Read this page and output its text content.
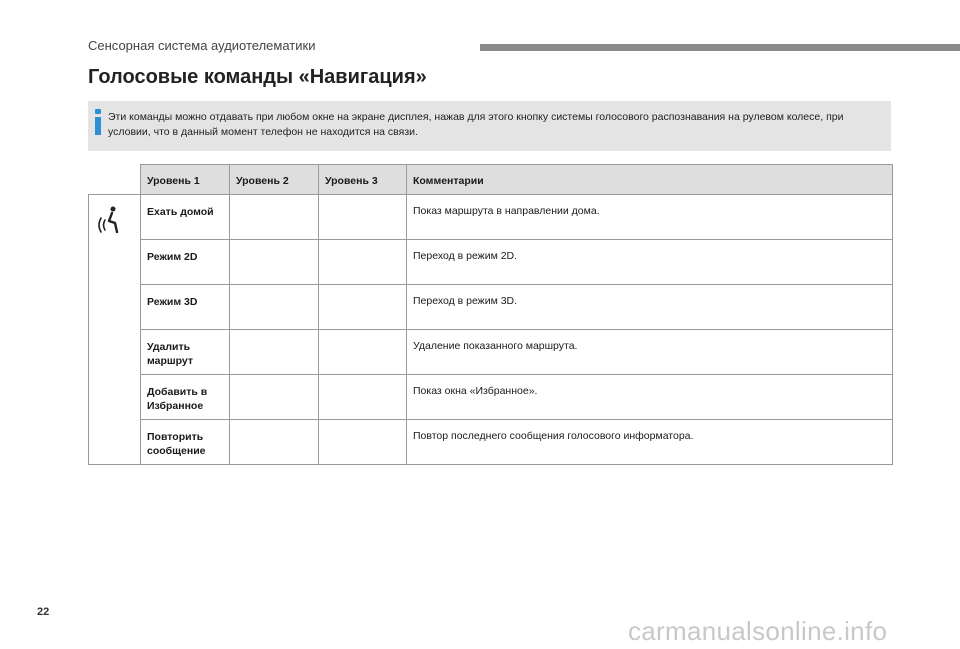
Сенсорная система аудиотелематики
Голосовые команды «Навигация»
Эти команды можно отдавать при любом окне на экране дисплея, нажав для этого кнопку системы голосового распознавания на рулевом колесе, при условии, что в данный момент телефон не находится на связи.
	Уровень 1	Уровень 2	Уровень 3	Комментарии
	Ехать домой			Показ маршрута в направлении дома.
	Режим 2D			Переход в режим 2D.
	Режим 3D			Переход в режим 3D.
	Удалить маршрут			Удаление показанного маршрута.
	Добавить в Избранное			Показ окна «Избранное».
	Повторить сообщение			Повтор последнего сообщения голосового информатора.
22
carmanualsonline.info
